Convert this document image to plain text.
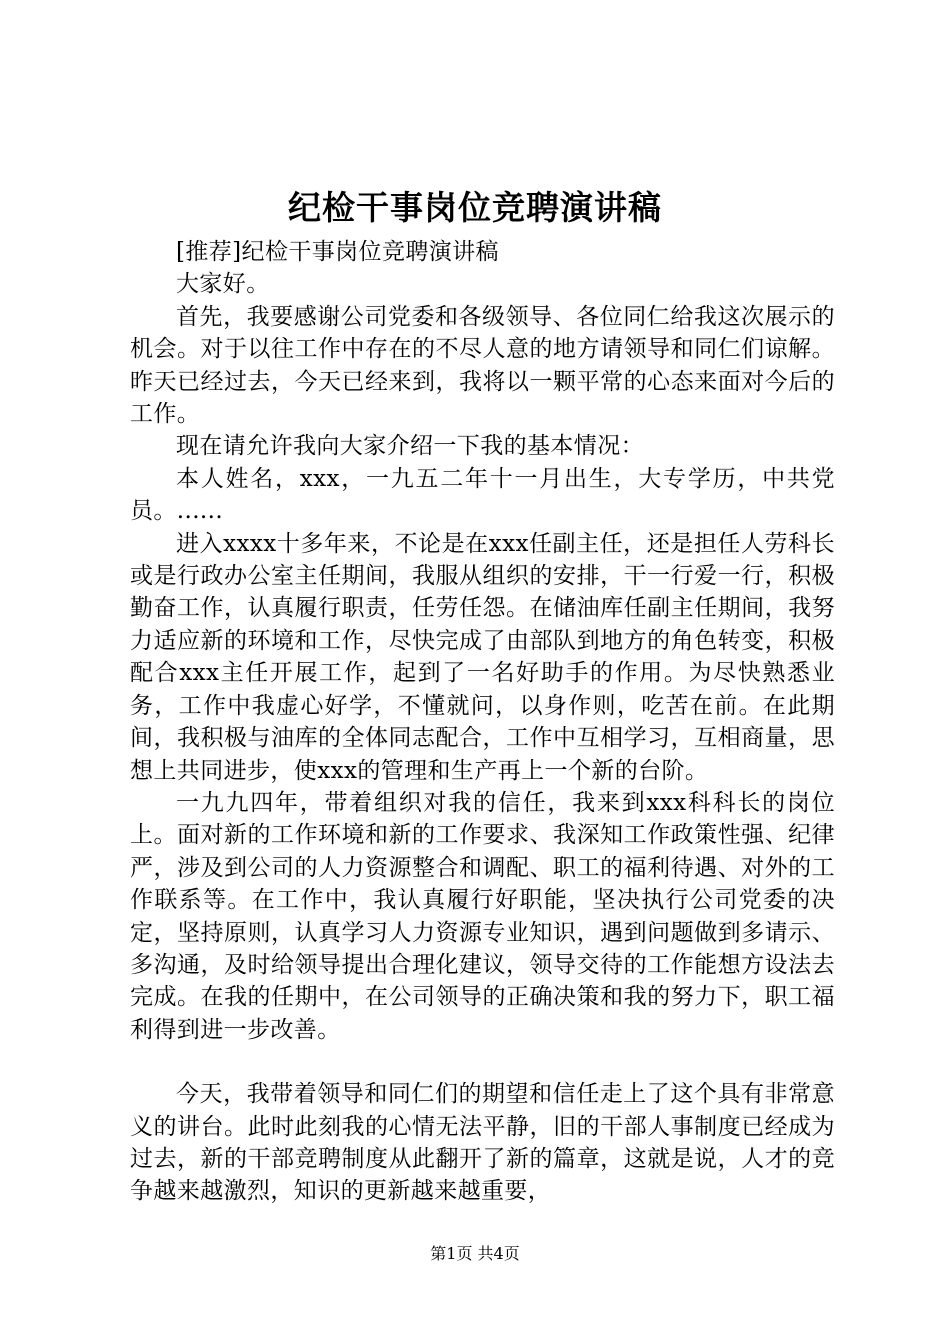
纪检干事岗位竞聘演讲稿

[推荐]纪检干事岗位竞聘演讲稿

大家好。

首先，我要感谢公司党委和各级领导、各位同仁给我这次展示的机会。对于以往工作中存在的不尽人意的地方请领导和同仁们谅解。昨天已经过去，今天已经来到，我将以一颗平常的心态来面对今后的工作。

现在请允许我向大家介绍一下我的基本情况：

本人姓名，xxx，一九五二年十一月出生，大专学历，中共党员。......

进入xxxx十多年来，不论是在xxx任副主任，还是担任人劳科长或是行政办公室主任期间，我服从组织的安排，干一行爱一行，积极勤奋工作，认真履行职责，任劳任怨。在储油库任副主任期间，我努力适应新的环境和工作，尽快完成了由部队到地方的角色转变，积极配合xxx主任开展工作，起到了一名好助手的作用。为尽快熟悉业务，工作中我虚心好学，不懂就问，以身作则，吃苦在前。在此期间，我积极与油库的全体同志配合，工作中互相学习，互相商量，思想上共同进步，使xxx的管理和生产再上一个新的台阶。

一九九四年，带着组织对我的信任，我来到xxx科科长的岗位上。面对新的工作环境和新的工作要求、我深知工作政策性强、纪律严，涉及到公司的人力资源整合和调配、职工的福利待遇、对外的工作联系等。在工作中，我认真履行好职能，坚决执行公司党委的决定，坚持原则，认真学习人力资源专业知识，遇到问题做到多请示、多沟通，及时给领导提出合理化建议，领导交待的工作能想方设法去完成。在我的任期中，在公司领导的正确决策和我的努力下，职工福利得到进一步改善。

今天，我带着领导和同仁们的期望和信任走上了这个具有非常意义的讲台。此时此刻我的心情无法平静，旧的干部人事制度已经成为过去，新的干部竞聘制度从此翻开了新的篇章，这就是说，人才的竞争越来越激烈，知识的更新越来越重要，

第1页 共4页
